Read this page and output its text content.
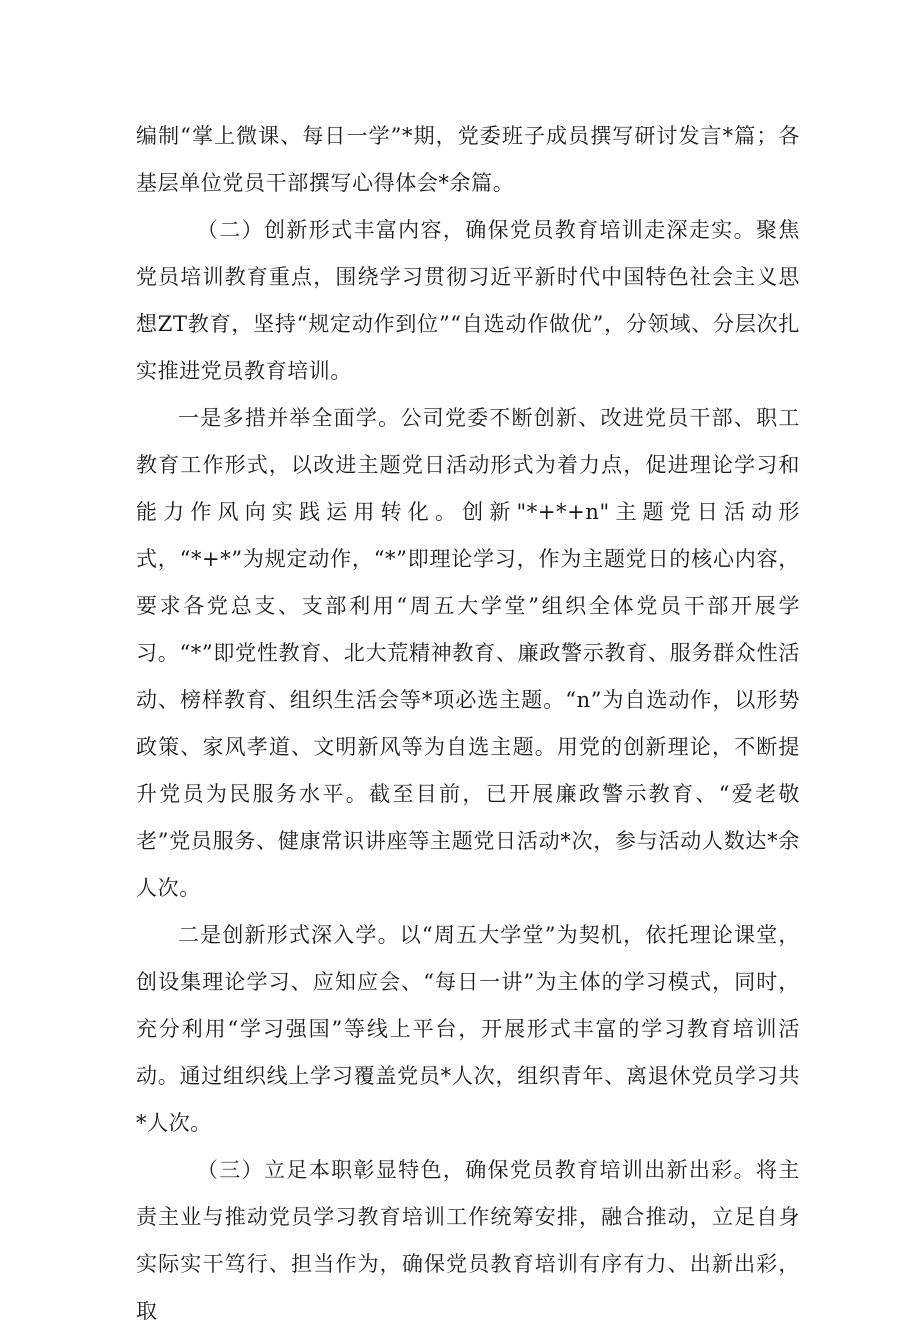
编制“掌上微课、每日一学”*期，党委班子成员撰写研讨发言*篇；各基层单位党员干部撰写心得体会*余篇。

（二）创新形式丰富内容，确保党员教育培训走深走实。聚焦党员培训教育重点，围绕学习贯彻习近平新时代中国特色社会主义思想ZT教育，坚持“规定动作到位”“自选动作做优”，分领域、分层次扎实推进党员教育培训。

一是多措并举全面学。公司党委不断创新、改进党员干部、职工教育工作形式，以改进主题党日活动形式为着力点，促进理论学习和能力作风向实践运用转化。创新"*+*+n"主题党日活动形式，“*+*”为规定动作，“*”即理论学习，作为主题党日的核心内容，要求各党总支、支部利用“周五大学堂”组织全体党员干部开展学习。“*”即党性教育、北大荒精神教育、廉政警示教育、服务群众性活动、榜样教育、组织生活会等*项必选主题。“n”为自选动作，以形势政策、家风孝道、文明新风等为自选主题。用党的创新理论，不断提升党员为民服务水平。截至目前，已开展廉政警示教育、“爱老敬老”党员服务、健康常识讲座等主题党日活动*次，参与活动人数达*余人次。

二是创新形式深入学。以“周五大学堂”为契机，依托理论课堂，创设集理论学习、应知应会、“每日一讲”为主体的学习模式，同时，充分利用“学习强国”等线上平台，开展形式丰富的学习教育培训活动。通过组织线上学习覆盖党员*人次，组织青年、离退休党员学习共*人次。

（三）立足本职彰显特色，确保党员教育培训出新出彩。将主责主业与推动党员学习教育培训工作统筹安排，融合推动，立足自身实际实干笃行、担当作为，确保党员教育培训有序有力、出新出彩，取
